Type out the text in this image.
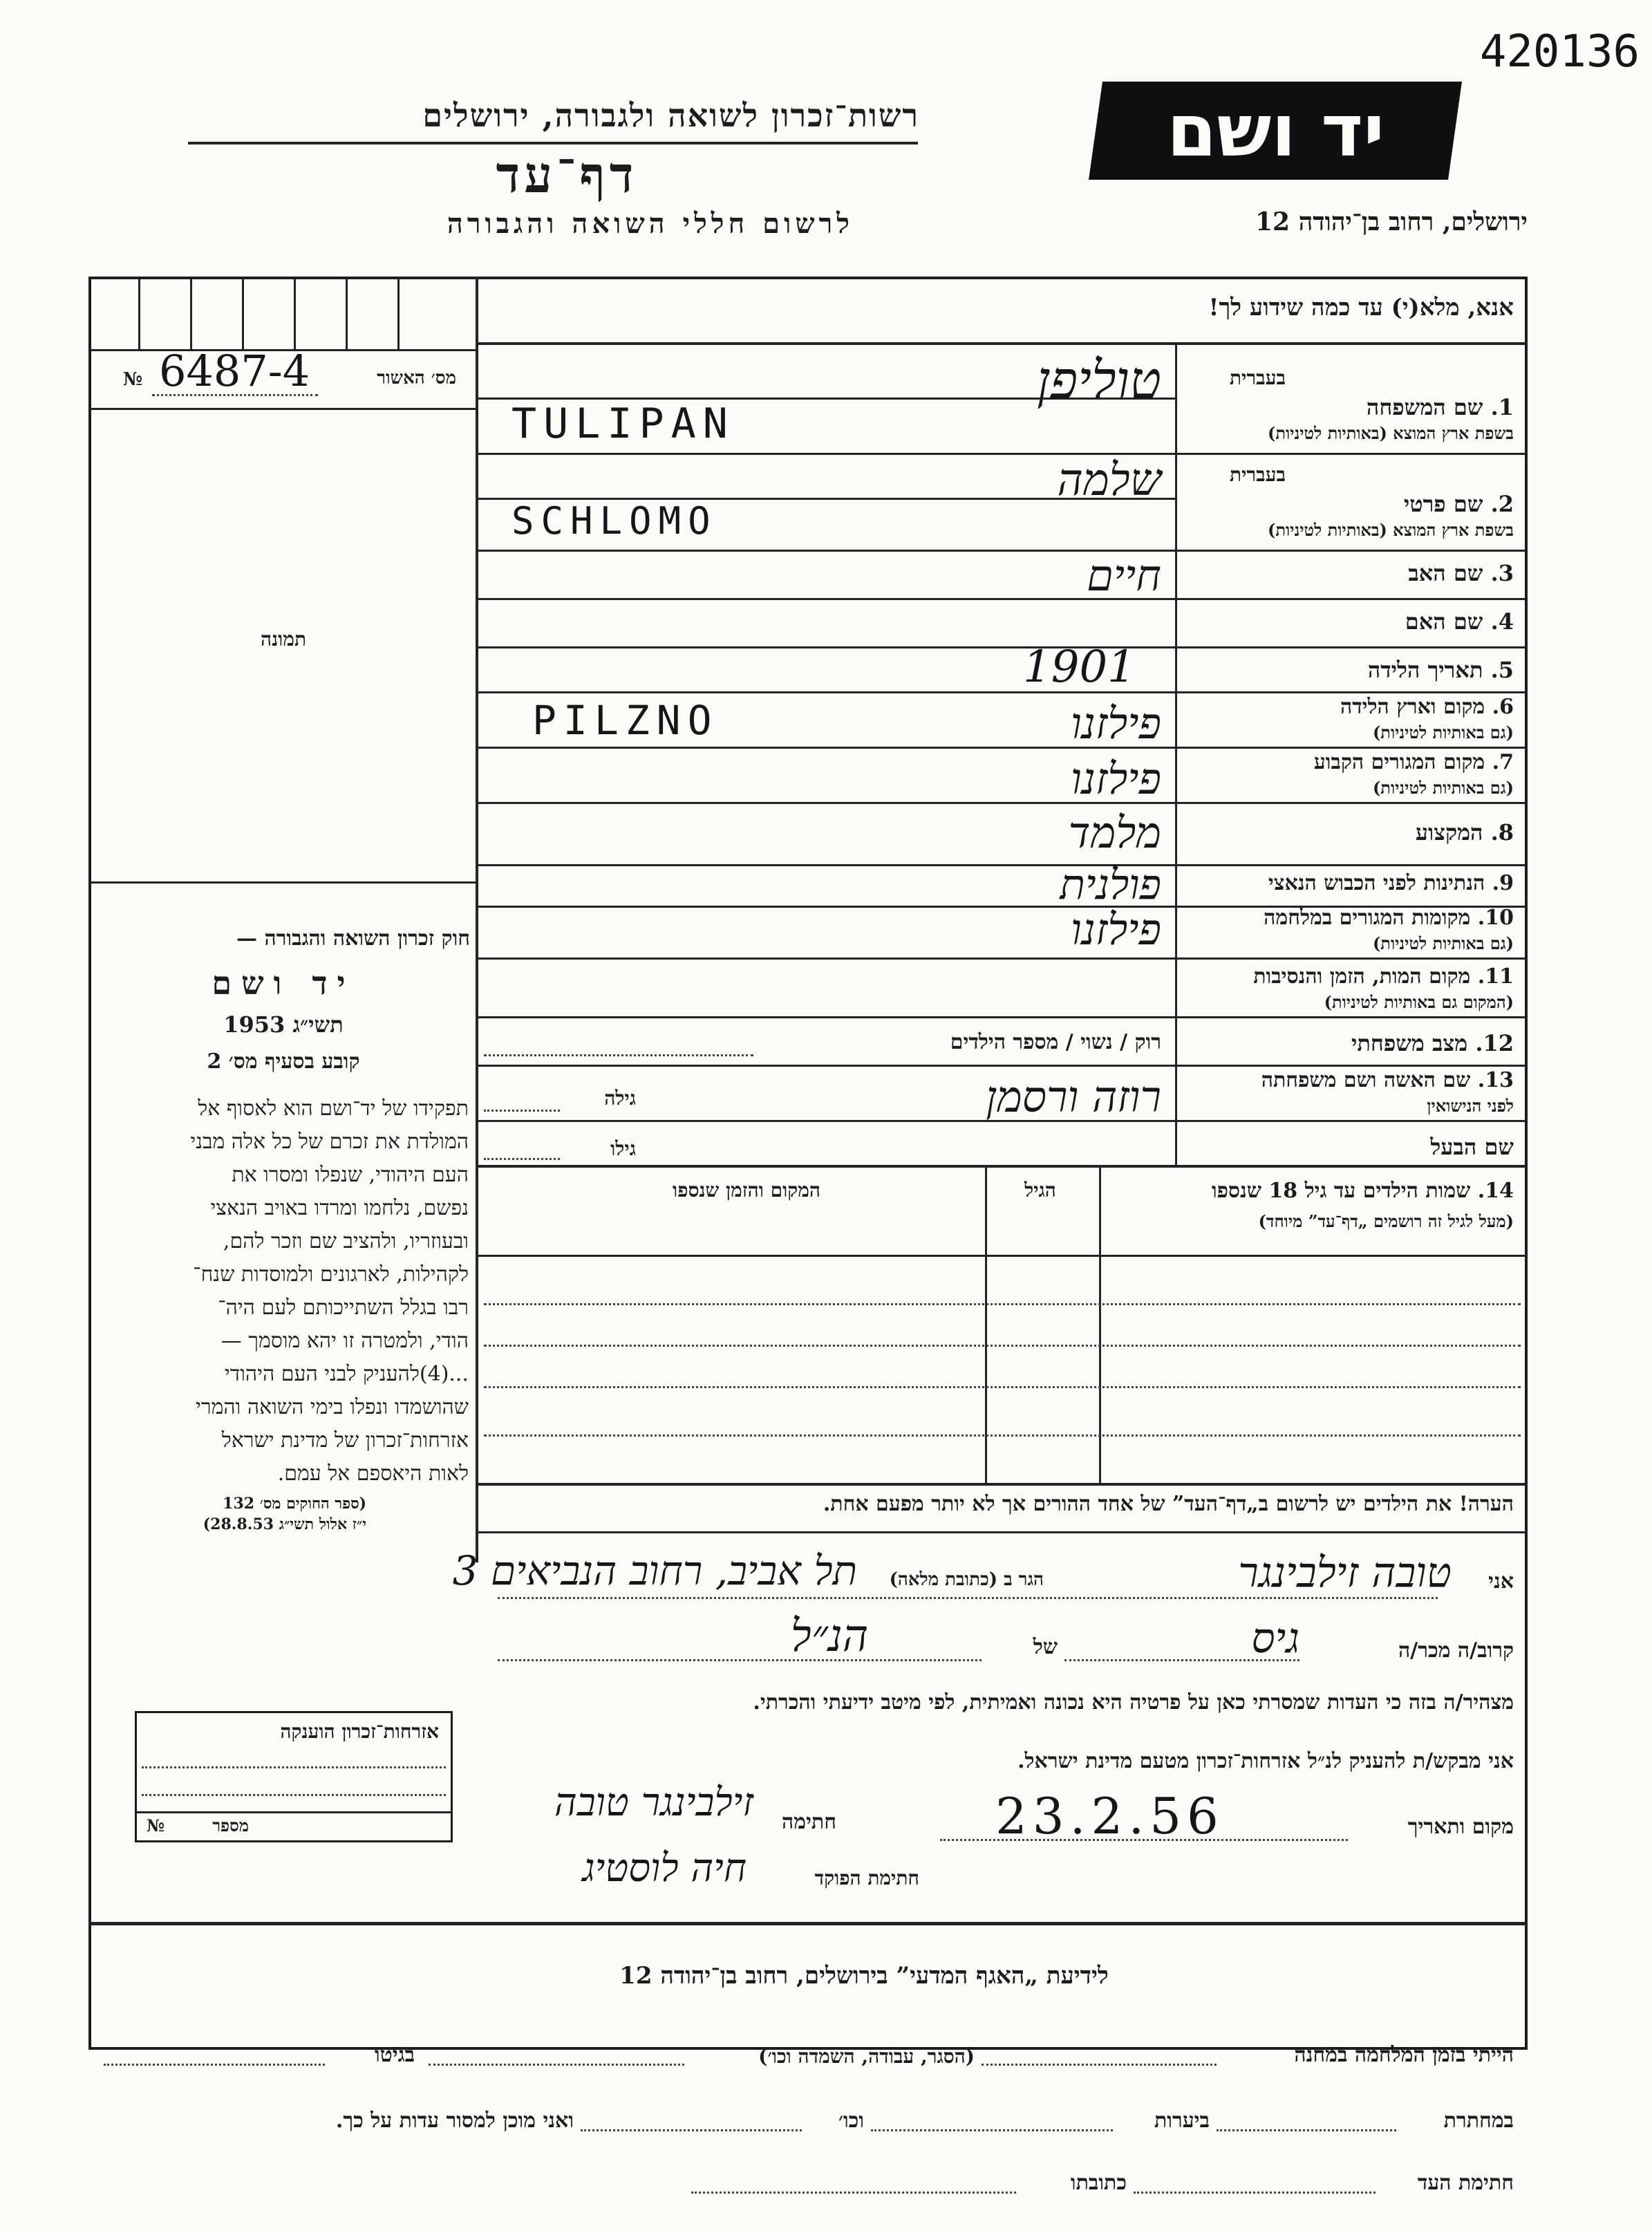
420136
יד ושם
רשות־זכרון לשואה ולגבורה, ירושלים
דף־עד
לרשום חללי השואה והגבורה	ירושלים, רחוב בן־יהודה 12
מס׳ האשור
6487-4
№
תמונה
חוק זכרון השואה והגבורה —
יד ושם
תשי״ג 1953
קובע בסעיף מס׳ 2
תפקידו של יד־ושם הוא לאסוף אל
המולדת את זכרם של כל אלה מבני
העם היהודי, שנפלו ומסרו את
נפשם, נלחמו ומרדו באויב הנאצי
ובעוזריו, ולהציב שם וזכר להם,
לקהילות, לארגונים ולמוסדות שנח־
רבו בגלל השתייכותם לעם היה־
הודי, ולמטרה זו יהא מוסמך —
...(4)להעניק לבני העם היהודי
שהושמדו ונפלו בימי השואה והמרי
אזרחות־זכרון של מדינת ישראל
לאות היאספם אל עמם.
(ספר החוקים מס׳ 132
י״ז אלול תשי״ג 28.8.53)
אנא, מלא(י) עד כמה שידוע לך!
בעברית
1. שם המשפחה
בשפת ארץ המוצא (באותיות לטיניות)
טוליפן
TULIPAN
בעברית
2. שם פרטי
בשפת ארץ המוצא (באותיות לטיניות)
שלמה
SCHLOMO
3. שם האב
חיים
4. שם האם
5. תאריך הלידה
1901
6. מקום וארץ הלידה
(גם באותיות לטיניות)
פילזנו
PILZNO
7. מקום המגורים הקבוע
(גם באותיות לטיניות)
פילזנו
8. המקצוע
מלמד
9. הנתינות לפני הכבוש הנאצי
פולנית
10. מקומות המגורים במלחמה
(גם באותיות לטיניות)
פילזנו
11. מקום המות, הזמן והנסיבות
(המקום גם באותיות לטיניות)
12. מצב משפחתי
רוק / נשוי / מספר הילדים
13. שם האשה ושם משפחתה
לפני הנישואין
רוזה ורסמן
גילה
שם הבעל
גילו
14. שמות הילדים עד גיל 18 שנספו
(מעל לגיל זה רושמים „דף־עד” מיוחד)
הגיל
המקום והזמן שנספו
הערה! את הילדים יש לרשום ב„דף־העד” של אחד ההורים אך לא יותר מפעם אחת.
אני
טובה זילבינגר
הגר ב (כתובת מלאה)
תל אביב, רחוב הנביאים 3
קרוב/ה מכר/ה
גיס
של
הנ״ל
מצהיר/ה בזה כי העדות שמסרתי כאן על פרטיה היא נכונה ואמיתית, לפי מיטב ידיעתי והכרתי.
אני מבקש/ת להעניק לנ״ל אזרחות־זכרון מטעם מדינת ישראל.
מקום ותאריך
23.2.56
חתימה
זילבינגר טובה
חתימת הפוקד
חיה לוסטיג
אזרחות־זכרון הוענקה
מספר
№
לידיעת „האגף המדעי” בירושלים, רחוב בן־יהודה 12
הייתי בזמן המלחמה במחנה
(הסגר, עבודה, השמדה וכו׳)
בגיטו
במחתרת
ביערות
וכו׳
ואני מוכן למסור עדות על כך.
חתימת העד
כתובתו
